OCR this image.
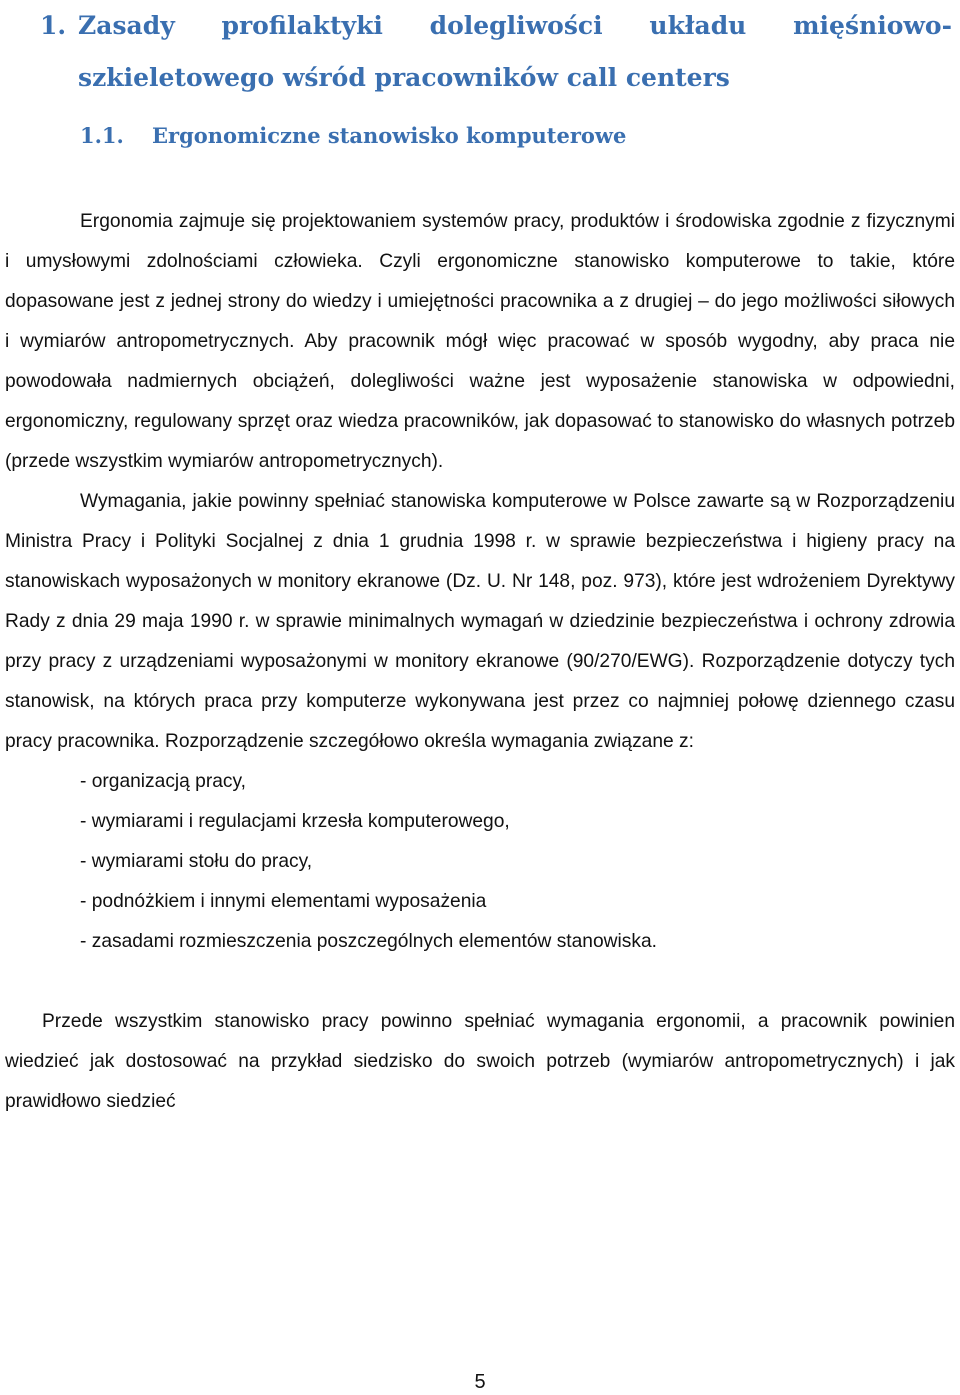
1. Zasady profilaktyki dolegliwości układu mięśniowo-
szkieletowego wśród pracowników call centers
1.1. Ergonomiczne stanowisko komputerowe

Ergonomia zajmuje się projektowaniem systemów pracy, produktów i środowiska zgodnie z fizycznymi i umysłowymi zdolnościami człowieka. Czyli ergonomiczne stanowisko komputerowe to takie, które dopasowane jest z jednej strony do wiedzy i umiejętności pracownika a z drugiej – do jego możliwości siłowych i wymiarów antropometrycznych. Aby pracownik mógł więc pracować w sposób wygodny, aby praca nie powodowała nadmiernych obciążeń, dolegliwości ważne jest wyposażenie stanowiska w odpowiedni, ergonomiczny, regulowany sprzęt oraz wiedza pracowników, jak dopasować to stanowisko do własnych potrzeb (przede wszystkim wymiarów antropometrycznych).

Wymagania, jakie powinny spełniać stanowiska komputerowe w Polsce zawarte są w Rozporządzeniu Ministra Pracy i Polityki Socjalnej z dnia 1 grudnia 1998 r. w sprawie bezpieczeństwa i higieny pracy na stanowiskach wyposażonych w monitory ekranowe (Dz. U. Nr 148, poz. 973), które jest wdrożeniem Dyrektywy Rady z dnia 29 maja 1990 r. w sprawie minimalnych wymagań w dziedzinie bezpieczeństwa i ochrony zdrowia przy pracy z urządzeniami wyposażonymi w monitory ekranowe (90/270/EWG). Rozporządzenie dotyczy tych stanowisk, na których praca przy komputerze wykonywana jest przez co najmniej połowę dziennego czasu pracy pracownika. Rozporządzenie szczegółowo określa wymagania związane z:

- organizacją pracy,
- wymiarami i regulacjami krzesła komputerowego,
- wymiarami stołu do pracy,
- podnóżkiem i innymi elementami wyposażenia
- zasadami rozmieszczenia poszczególnych elementów stanowiska.

Przede wszystkim stanowisko pracy powinno spełniać wymagania ergonomii, a pracownik powinien wiedzieć jak dostosować na przykład siedzisko do swoich potrzeb (wymiarów antropometrycznych) i jak prawidłowo siedzieć

5
